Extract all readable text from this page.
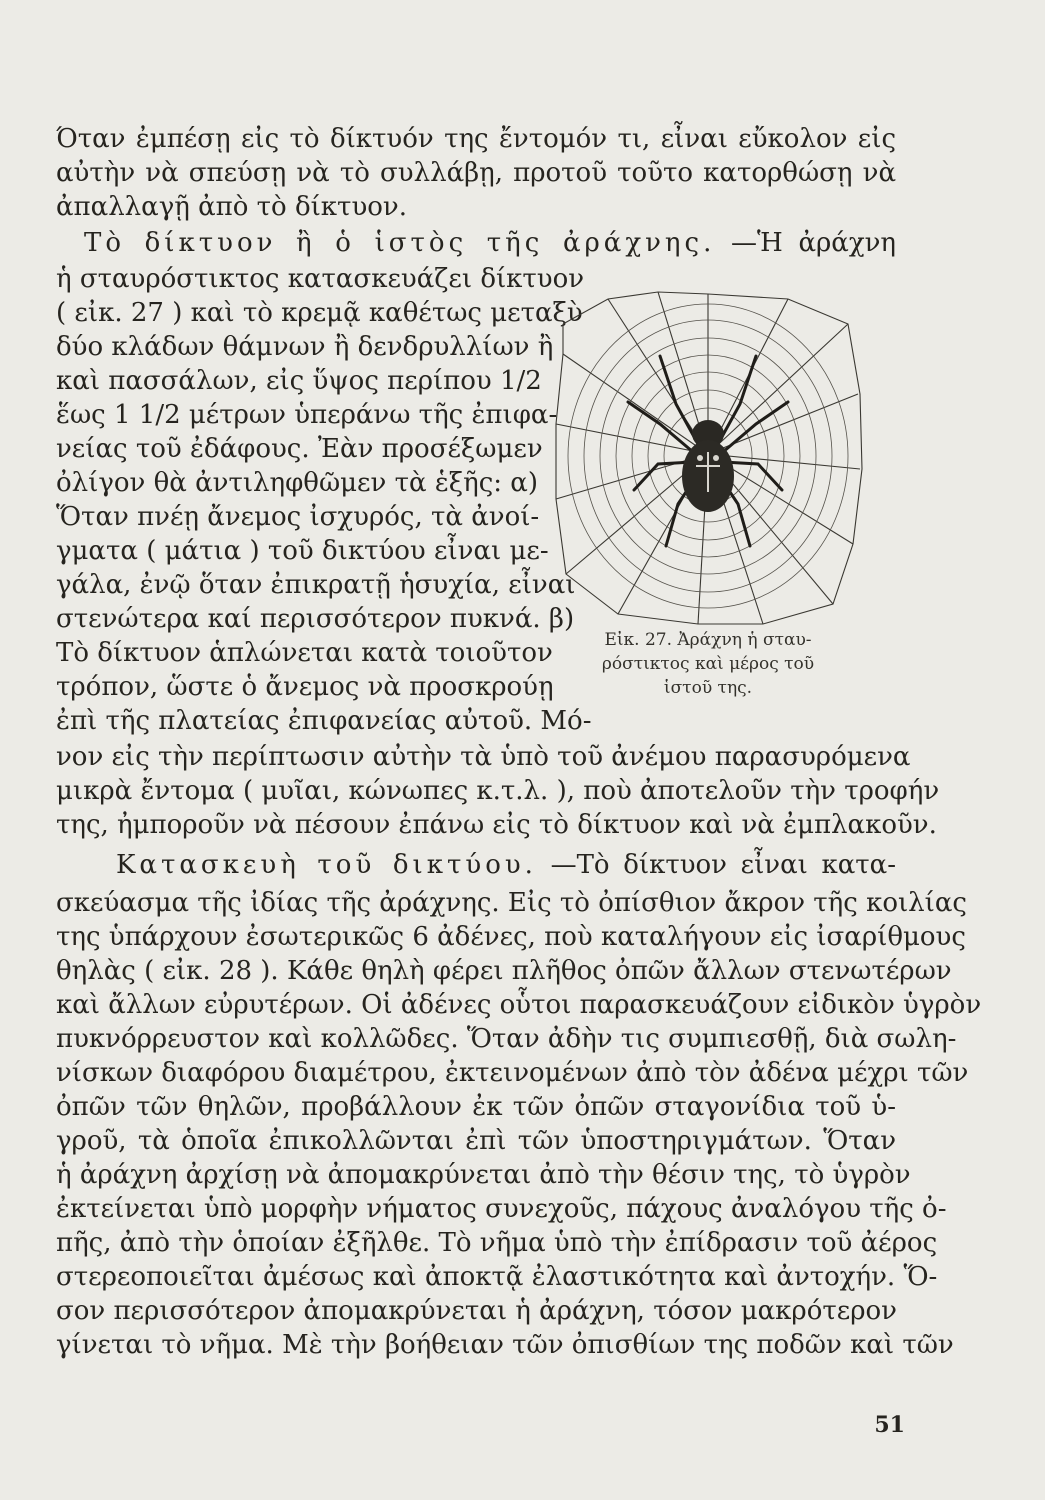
Όταν ἐμπέσῃ εἰς τὸ δίκτυόν της ἔντομόν τι, εἶναι εὔκολον εἰς
αὐτὴν νὰ σπεύσῃ νὰ τὸ συλλάβῃ, προτοῦ τοῦτο κατορθώσῃ νὰ
ἀπαλλαγῇ ἀπὸ τὸ δίκτυον.
Τὸ δίκτυον ἢ ὁ ἱστὸς τῆς ἀράχνης. —Ἡ ἀράχνη
ἡ σταυρόστικτος κατασκευάζει δίκτυον
( εἰκ. 27 ) καὶ τὸ κρεμᾷ καθέτως μεταξὺ
δύο κλάδων θάμνων ἢ δενδρυλλίων ἢ
καὶ πασσάλων, εἰς ὕψος περίπου 1/2
ἕως 1 1/2 μέτρων ὑπεράνω τῆς ἐπιφα-
νείας τοῦ ἐδάφους. Ἐὰν προσέξωμεν
ὀλίγον θὰ ἀντιληφθῶμεν τὰ ἑξῆς: α)
Ὅταν πνέῃ ἄνεμος ἰσχυρός, τὰ ἀνοί-
γματα ( μάτια ) τοῦ δικτύου εἶναι με-
γάλα, ἐνῷ ὅταν ἐπικρατῇ ἡσυχία, εἶναι
στενώτερα καί περισσότερον πυκνά. β)
Τὸ δίκτυον ἁπλώνεται κατὰ τοιοῦτον
τρόπον, ὥστε ὁ ἄνεμος νὰ προσκρούῃ
ἐπὶ τῆς πλατείας ἐπιφανείας αὐτοῦ. Μό-
νον εἰς τὴν περίπτωσιν αὐτὴν τὰ ὑπὸ τοῦ ἀνέμου παρασυρόμενα
μικρὰ ἔντομα ( μυῖαι, κώνωπες κ.τ.λ. ), ποὺ ἀποτελοῦν τὴν τροφήν
της, ἠμποροῦν νὰ πέσουν ἐπάνω εἰς τὸ δίκτυον καὶ νὰ ἐμπλακοῦν.
Κατασκευὴ τοῦ δικτύου. —Τὸ δίκτυον εἶναι κατα-
σκεύασμα τῆς ἰδίας τῆς ἀράχνης. Εἰς τὸ ὀπίσθιον ἄκρον τῆς κοιλίας
της ὑπάρχουν ἐσωτερικῶς 6 ἀδένες, ποὺ καταλήγουν εἰς ἰσαρίθμους
θηλὰς ( εἰκ. 28 ). Κάθε θηλὴ φέρει πλῆθος ὀπῶν ἄλλων στενωτέρων
καὶ ἄλλων εὐρυτέρων. Οἱ ἀδένες οὗτοι παρασκευάζουν εἰδικὸν ὑγρὸν
πυκνόρρευστον καὶ κολλῶδες. Ὅταν ἀδὴν τις συμπιεσθῇ, διὰ σωλη-
νίσκων διαφόρου διαμέτρου, ἐκτεινομένων ἀπὸ τὸν ἀδένα μέχρι τῶν
ὀπῶν τῶν θηλῶν, προβάλλουν ἐκ τῶν ὀπῶν σταγονίδια τοῦ ὑ-
γροῦ, τὰ ὁποῖα ἐπικολλῶνται ἐπὶ τῶν ὑποστηριγμάτων. Ὅταν
ἡ ἀράχνη ἀρχίσῃ νὰ ἀπομακρύνεται ἀπὸ τὴν θέσιν της, τὸ ὑγρὸν
ἐκτείνεται ὑπὸ μορφὴν νήματος συνεχοῦς, πάχους ἀναλόγου τῆς ὀ-
πῆς, ἀπὸ τὴν ὁποίαν ἐξῆλθε. Τὸ νῆμα ὑπὸ τὴν ἐπίδρασιν τοῦ ἀέρος
στερεοποιεῖται ἀμέσως καὶ ἀποκτᾷ ἐλαστικότητα καὶ ἀντοχήν. Ὅ-
σον περισσότερον ἀπομακρύνεται ἡ ἀράχνη, τόσον μακρότερον
γίνεται τὸ νῆμα. Μὲ τὴν βοήθειαν τῶν ὀπισθίων της ποδῶν καὶ τῶν
Εἰκ. 27. Ἀράχνη ἡ σταυ-
ρόστικτος καὶ μέρος τοῦ
ἱστοῦ της.
51
